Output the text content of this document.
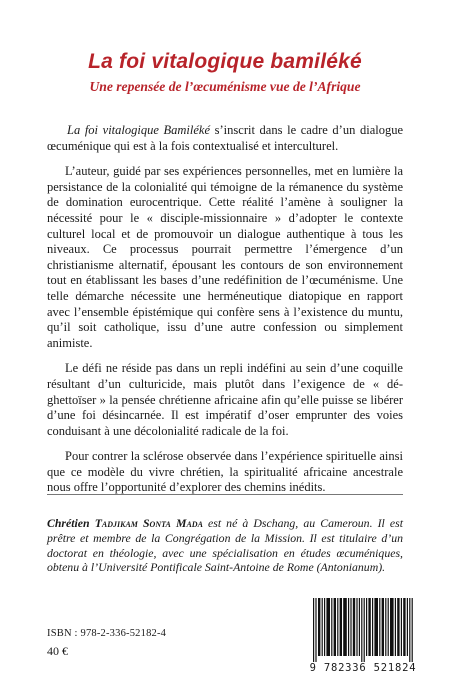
La foi vitalogique bamiléké
Une repensée de l’œcuménisme vue de l’Afrique

La foi vitalogique Bamiléké s’inscrit dans le cadre d’un dialogue œcuménique qui est à la fois contextualisé et interculturel.

L’auteur, guidé par ses expériences personnelles, met en lumière la persistance de la colonialité qui témoigne de la rémanence du système de domination eurocentrique. Cette réalité l’amène à souligner la nécessité pour le « disciple-missionnaire » d’adopter le contexte culturel local et de promouvoir un dialogue authentique à tous les niveaux. Ce processus pourrait permettre l’émergence d’un christianisme alternatif, épousant les contours de son environnement tout en établissant les bases d’une redéfinition de l’œcuménisme. Une telle démarche nécessite une herméneutique diatopique en rapport avec l’ensemble épistémique qui confère sens à l’existence du muntu, qu’il soit catholique, issu d’une autre confession ou simplement animiste.

Le défi ne réside pas dans un repli indéfini au sein d’une coquille résultant d’un culturicide, mais plutôt dans l’exigence de « dé-ghettoïser » la pensée chrétienne africaine afin qu’elle puisse se libérer d’une foi désincarnée. Il est impératif d’oser emprunter des voies conduisant à une décolonialité radicale de la foi.

Pour contrer la sclérose observée dans l’expérience spirituelle ainsi que ce modèle du vivre chrétien, la spiritualité africaine ancestrale nous offre l’opportunité d’explorer des chemins inédits.

Chrétien Tadjikam Sonta Mada est né à Dschang, au Cameroun. Il est prêtre et membre de la Congrégation de la Mission. Il est titulaire d’un doctorat en théologie, avec une spécialisation en études œcuméniques, obtenu à l’Université Pontificale Saint-Antoine de Rome (Antonianum).
ISBN : 978-2-336-52182-4
40 €
9 782336 521824
